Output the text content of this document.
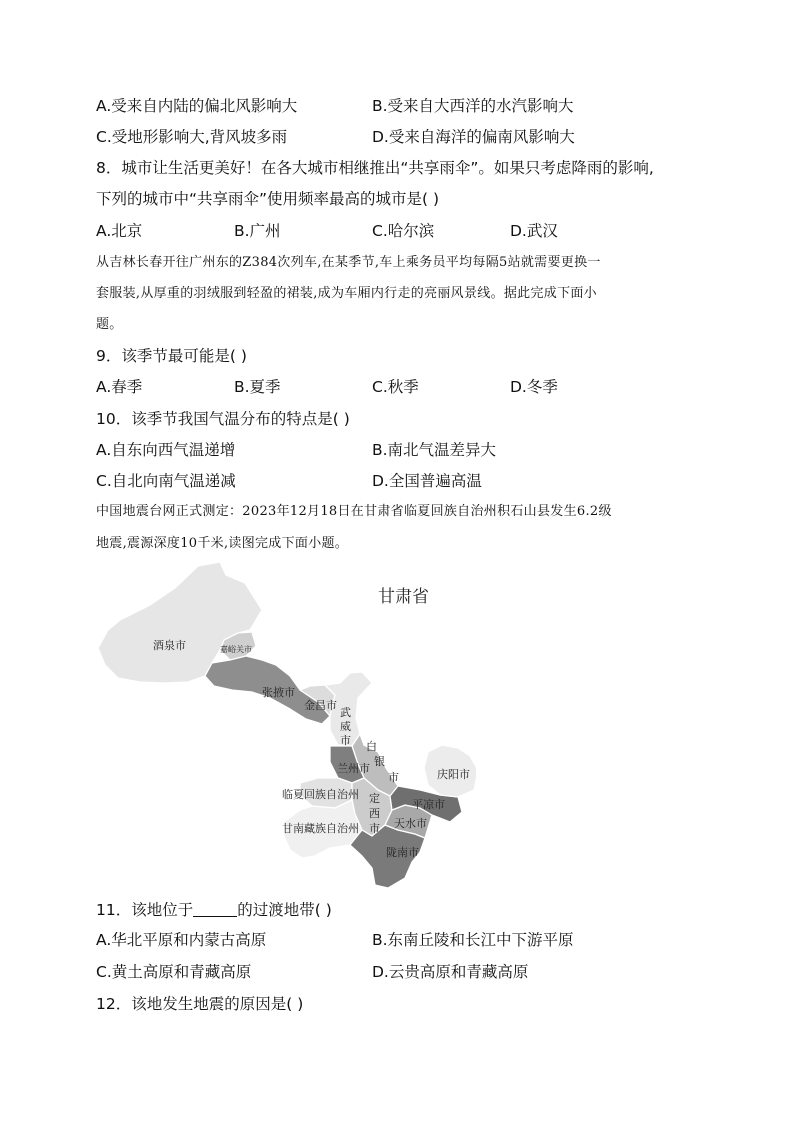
A.受来自内陆的偏北风影响大	B.受来自大西洋的水汽影响大
C.受地形影响大,背风坡多雨	D.受来自海洋的偏南风影响大
8．城市让生活更美好！在各大城市相继推出“共享雨伞”。如果只考虑降雨的影响,
下列的城市中“共享雨伞”使用频率最高的城市是( )
A.北京	B.广州	C.哈尔滨	D.武汉
从吉林长春开往广州东的Z384次列车,在某季节,车上乘务员平均每隔5站就需要更换一
套服装,从厚重的羽绒服到轻盈的裙装,成为车厢内行走的亮丽风景线。据此完成下面小
题。
9．该季节最可能是( )
A.春季	B.夏季	C.秋季	D.冬季
10．该季节我国气温分布的特点是( )
A.自东向西气温递增	B.南北气温差异大
C.自北向南气温递减	D.全国普遍高温
中国地震台网正式测定：2023年12月18日在甘肃省临夏回族自治州积石山县发生6.2级
地震,震源深度10千米,读图完成下面小题。
甘肃省
酒泉市	嘉峪关市
张掖市
金昌市
武
威
市 白
银
市
兰州市	庆阳市
临夏回族自治州 定
西
市
平凉市
天水市
甘南藏族自治州
陇南市
11．该地位于	的过渡地带( )
A.华北平原和内蒙古高原	B.东南丘陵和长江中下游平原
C.黄土高原和青藏高原	D.云贵高原和青藏高原
12．该地发生地震的原因是( )
